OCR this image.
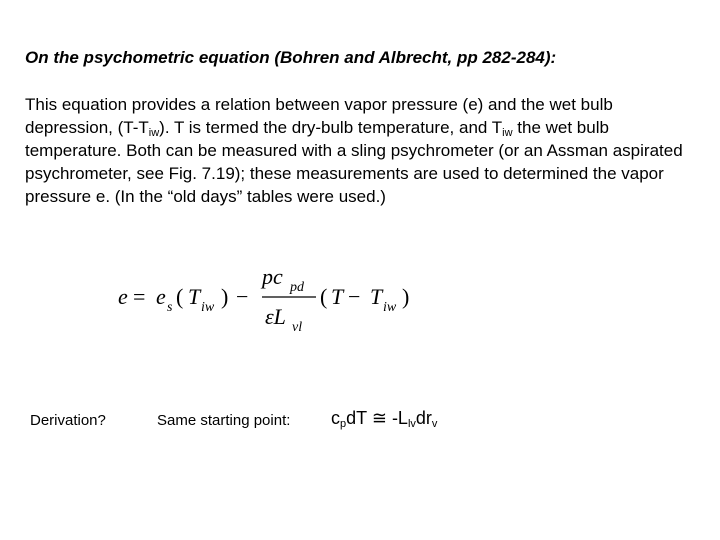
On the psychometric equation (Bohren and Albrecht, pp 282-284):
This equation provides a relation between vapor pressure (e) and the wet bulb depression, $(T-T_{iw})$. T is termed the dry-bulb temperature, and $T_{iw}$ the wet bulb temperature. Both can be measured with a sling psychrometer (or an Assman aspirated psychrometer, see Fig. 7.19); these measurements are used to determined the vapor pressure e. (In the “old days” tables were used.)
e = e s ( T iw ) −
pc pd
εL vl
( T − T iw )
Derivation?	Same starting point: $c_pdT$ ≅ $-L_{lv}dr_v$
